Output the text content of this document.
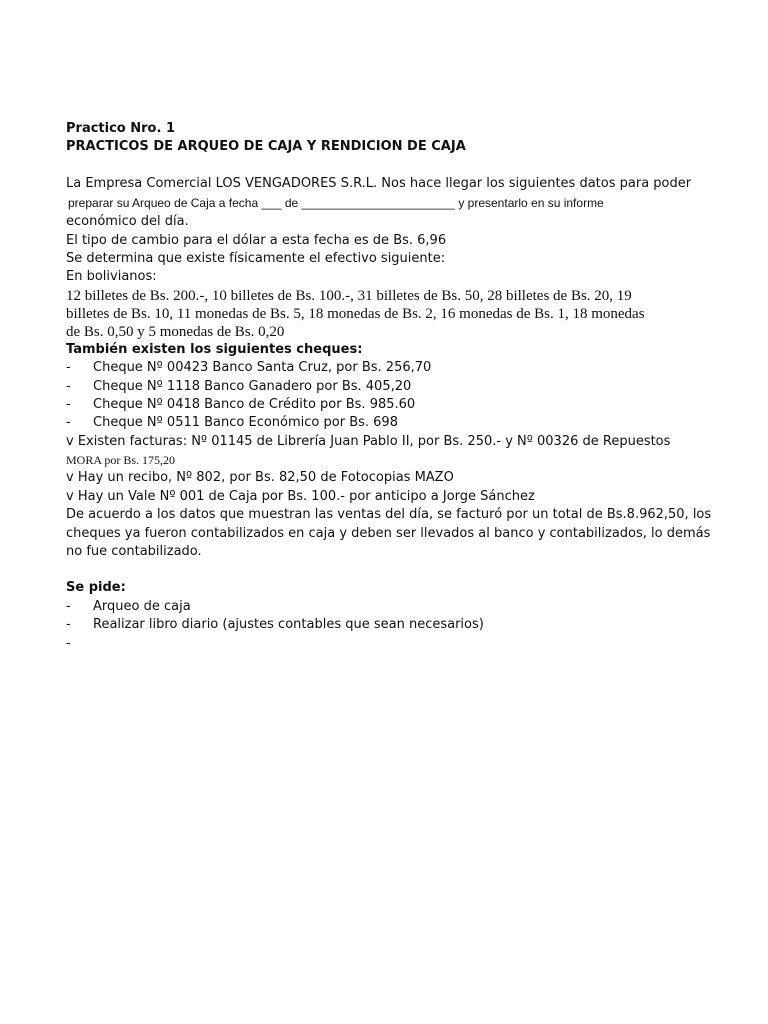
Practico Nro. 1
PRACTICOS DE ARQUEO DE CAJA Y RENDICION DE CAJA
La Empresa Comercial LOS VENGADORES S.R.L. Nos hace llegar los siguientes datos para poder
preparar su Arqueo de Caja a fecha ___ de _______________________ y presentarlo en su informe
económico del día.
El tipo de cambio para el dólar a esta fecha es de Bs. 6,96
Se determina que existe físicamente el efectivo siguiente:
En bolivianos:
12 billetes de Bs. 200.-, 10 billetes de Bs. 100.-, 31 billetes de Bs. 50, 28 billetes de Bs. 20, 19
billetes de Bs. 10, 11 monedas de Bs. 5, 18 monedas de Bs. 2, 16 monedas de Bs. 1, 18 monedas
de Bs. 0,50 y 5 monedas de Bs. 0,20
También existen los siguientes cheques:
- Cheque Nº 00423 Banco Santa Cruz, por Bs. 256,70
- Cheque Nº 1118 Banco Ganadero por Bs. 405,20
- Cheque Nº 0418 Banco de Crédito por Bs. 985.60
- Cheque Nº 0511 Banco Económico por Bs. 698
v Existen facturas: Nº 01145 de Librería Juan Pablo II, por Bs. 250.- y Nº 00326 de Repuestos
MORA por Bs. 175,20
v Hay un recibo, Nº 802, por Bs. 82,50 de Fotocopias MAZO
v Hay un Vale Nº 001 de Caja por Bs. 100.- por anticipo a Jorge Sánchez
De acuerdo a los datos que muestran las ventas del día, se facturó por un total de Bs.8.962,50, los
cheques ya fueron contabilizados en caja y deben ser llevados al banco y contabilizados, lo demás
no fue contabilizado.
Se pide:
- Arqueo de caja
- Realizar libro diario (ajustes contables que sean necesarios)
-
